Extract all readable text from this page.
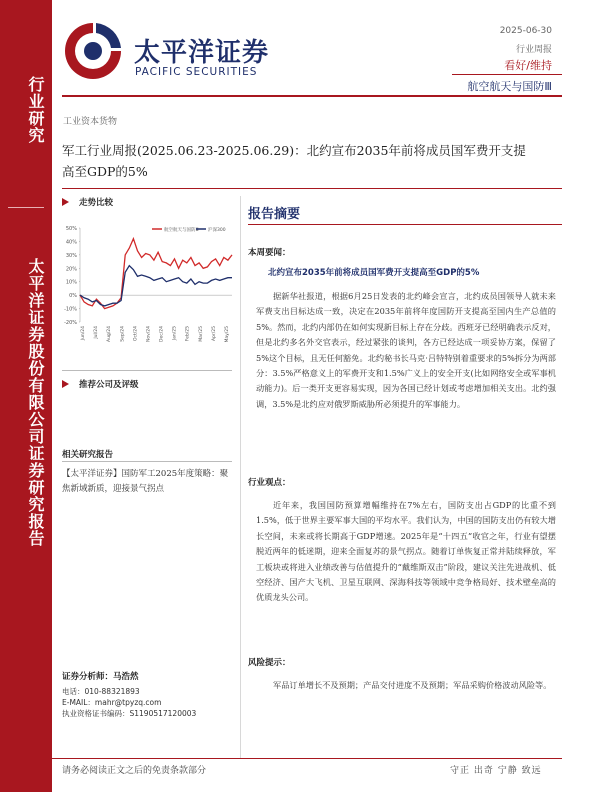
行业研究
太平洋证券股份有限公司证券研究报告
太平洋证券
PACIFIC SECURITIES
2025-06-30
行业周报
看好/维持
航空航天与国防Ⅲ
工业资本货物
军工行业周报(2025.06.23-2025.06.29)：北约宣布2035年前将成员国军费开支提
高至GDP的5%
走势比较
50%
40%
30%
20%
10%
0%
-10%
-20%
Jun/24 Jul/24 Aug/24 Sep/24 Oct/24 Nov/24 Dec/24 Jan/25 Feb/25 Mar/25 Apr/25 May/25
航空航天与国防Ⅲ 沪深300
推荐公司及评级
相关研究报告
【太平洋证券】国防军工2025年度策略：聚焦新域新质，迎接景气拐点
证券分析师：马浩然
电话：010-88321893
E-MAIL：mahr@tpyzq.com
执业资格证书编码：S1190517120003
报告摘要
本周要闻：
北约宣布2035年前将成员国军费开支提高至GDP的5%
据新华社报道，根据6月25日发表的北约峰会宣言，北约成员国领导人就未来军费支出目标达成一致，决定在2035年前将年度国防开支提高至国内生产总值的5%。然而，北约内部仍在如何实现新目标上存在分歧。西班牙已经明确表示反对，但是北约多名外交官表示，经过紧张的谈判，各方已经达成一项妥协方案，保留了5%这个目标，且无任何豁免。北约秘书长马克·吕特特别着重要求的5%拆分为两部分：3.5%严格意义上的军费开支和1.5%广义上的安全开支(比如网络安全或军事机动能力)。后一类开支更容易实现，因为各国已经计划或考虑增加相关支出。北约强调，3.5%是北约应对俄罗斯威胁所必须提升的军事能力。
行业观点：
近年来，我国国防预算增幅维持在7%左右，国防支出占GDP的比重不到1.5%，低于世界主要军事大国的平均水平。我们认为，中国的国防支出仍有较大增长空间，未来或将长期高于GDP增速。2025年是“十四五”收官之年，行业有望摆脱近两年的低迷期，迎来全面复苏的景气拐点。随着订单恢复正常并陆续释放，军工板块或将进入业绩改善与估值提升的“戴维斯双击”阶段，建议关注先进战机、低空经济、国产大飞机、卫星互联网、深海科技等领域中竞争格局好、技术壁垒高的优质龙头公司。
风险提示：
军品订单增长不及预期；产品交付进度不及预期；军品采购价格波动风险等。
请务必阅读正文之后的免责条款部分	守正 出奇 宁静 致远
